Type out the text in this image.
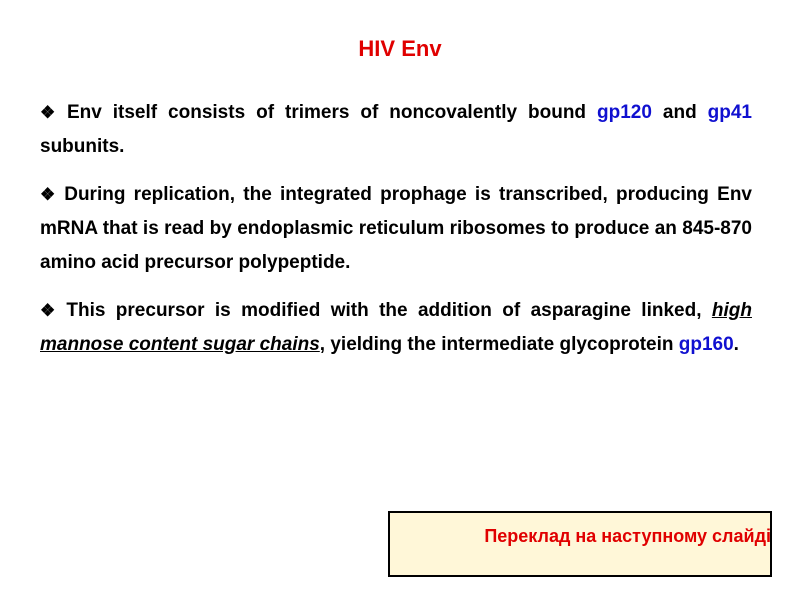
HIV Env

❖ Env itself consists of trimers of noncovalently bound gp120 and gp41 subunits.

❖ During replication, the integrated prophage is transcribed, producing Env mRNA that is read by endoplasmic reticulum ribosomes to produce an 845-870 amino acid precursor polypeptide.

❖ This precursor is modified with the addition of asparagine linked, high mannose content sugar chains, yielding the intermediate glycoprotein gp160.

Переклад на наступному слайді
